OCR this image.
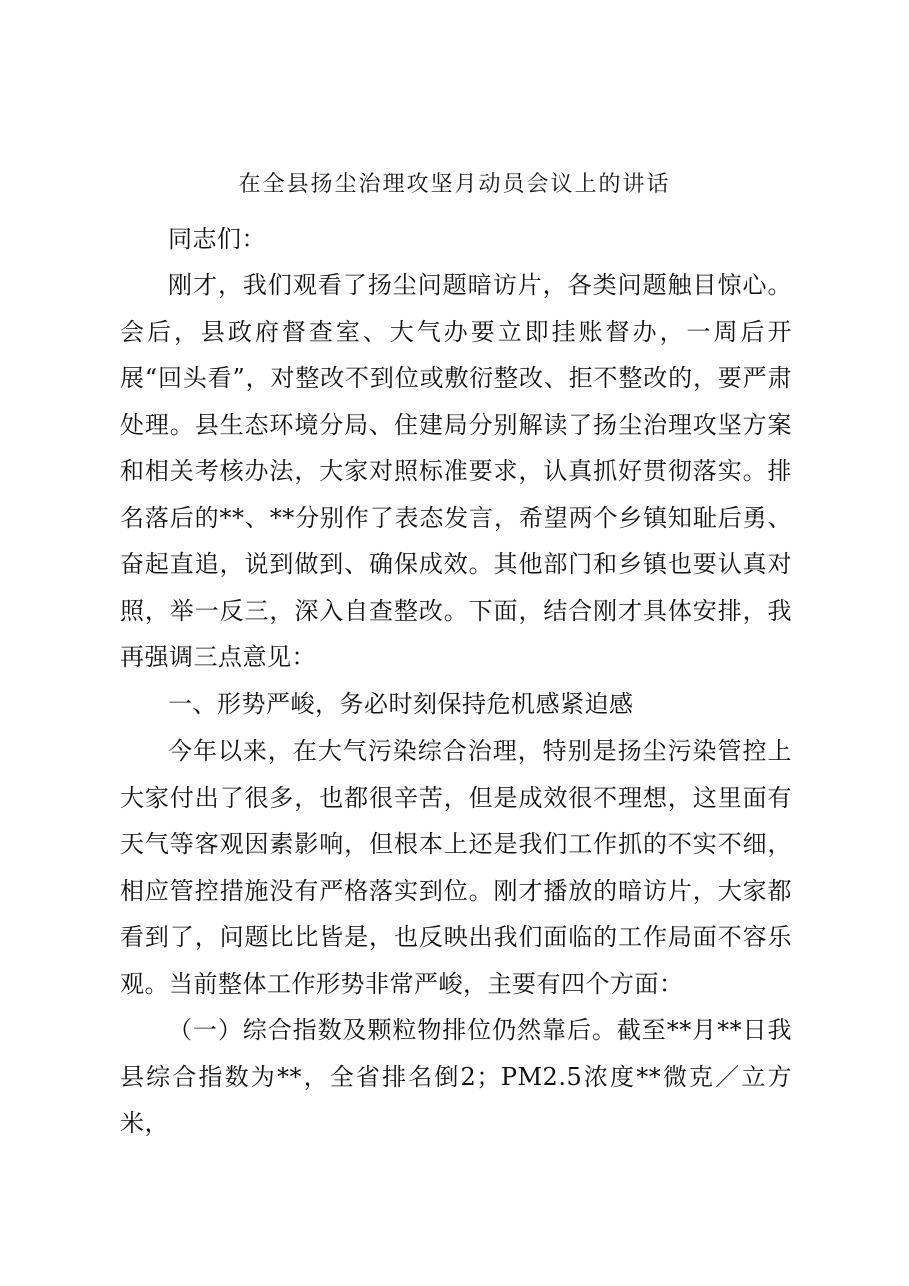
在全县扬尘治理攻坚月动员会议上的讲话

同志们：

刚才，我们观看了扬尘问题暗访片，各类问题触目惊心。会后，县政府督查室、大气办要立即挂账督办，一周后开展“回头看”，对整改不到位或敷衍整改、拒不整改的，要严肃处理。县生态环境分局、住建局分别解读了扬尘治理攻坚方案和相关考核办法，大家对照标准要求，认真抓好贯彻落实。排名落后的**、**分别作了表态发言，希望两个乡镇知耻后勇、奋起直追，说到做到、确保成效。其他部门和乡镇也要认真对照，举一反三，深入自查整改。下面，结合刚才具体安排，我再强调三点意见：

一、形势严峻，务必时刻保持危机感紧迫感

今年以来，在大气污染综合治理，特别是扬尘污染管控上大家付出了很多，也都很辛苦，但是成效很不理想，这里面有天气等客观因素影响，但根本上还是我们工作抓的不实不细，相应管控措施没有严格落实到位。刚才播放的暗访片，大家都看到了，问题比比皆是，也反映出我们面临的工作局面不容乐观。当前整体工作形势非常严峻，主要有四个方面：

（一）综合指数及颗粒物排位仍然靠后。截至**月**日我县综合指数为**，全省排名倒2；PM2.5浓度**微克／立方米，
